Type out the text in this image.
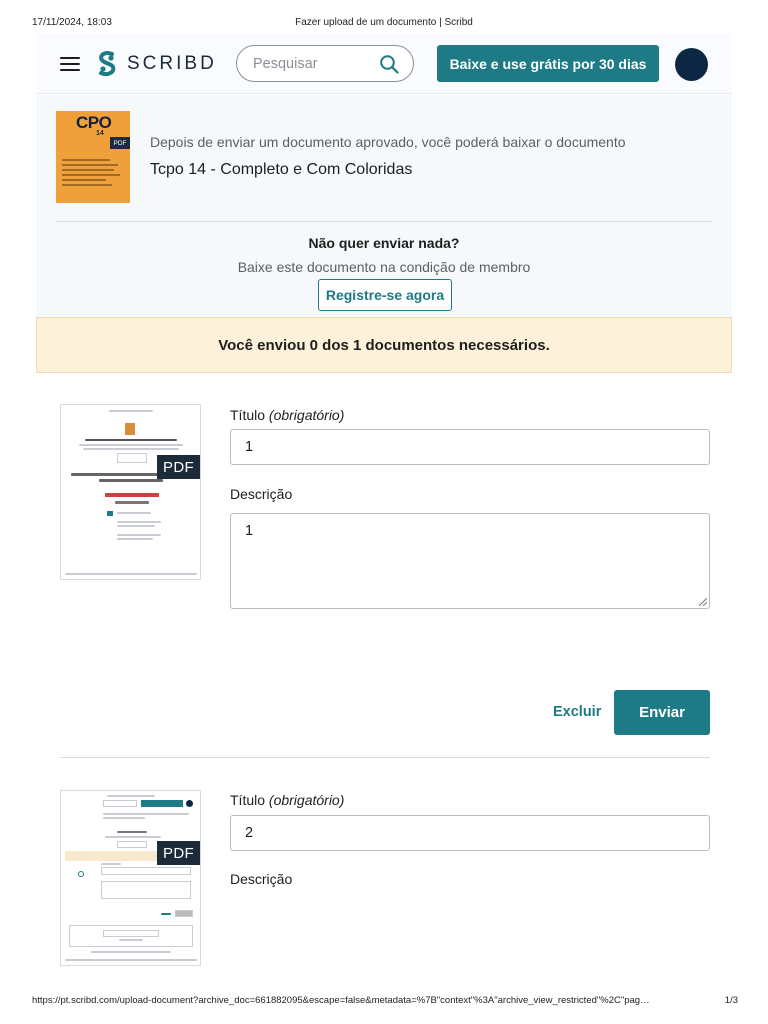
17/11/2024, 18:03	Fazer upload de um documento | Scribd
SCRIBD
Pesquisar	Baixe e use grátis por 30 dias
CPO
14
PDF Depois de enviar um documento aprovado, você poderá baixar o documento
Tcpo 14 - Completo e Com Coloridas
Não quer enviar nada?
Baixe este documento na condição de membro
Registre-se agora
Você enviou 0 dos 1 documentos necessários.
PDF
Título (obrigatório)
1
Descrição
1
Excluir	Enviar
PDF
Título (obrigatório)
2
Descrição
https://pt.scribd.com/upload-document?archive_doc=661882095&escape=false&metadata=%7B"context"%3A"archive_view_restricted"%2C"pag…	1/3
